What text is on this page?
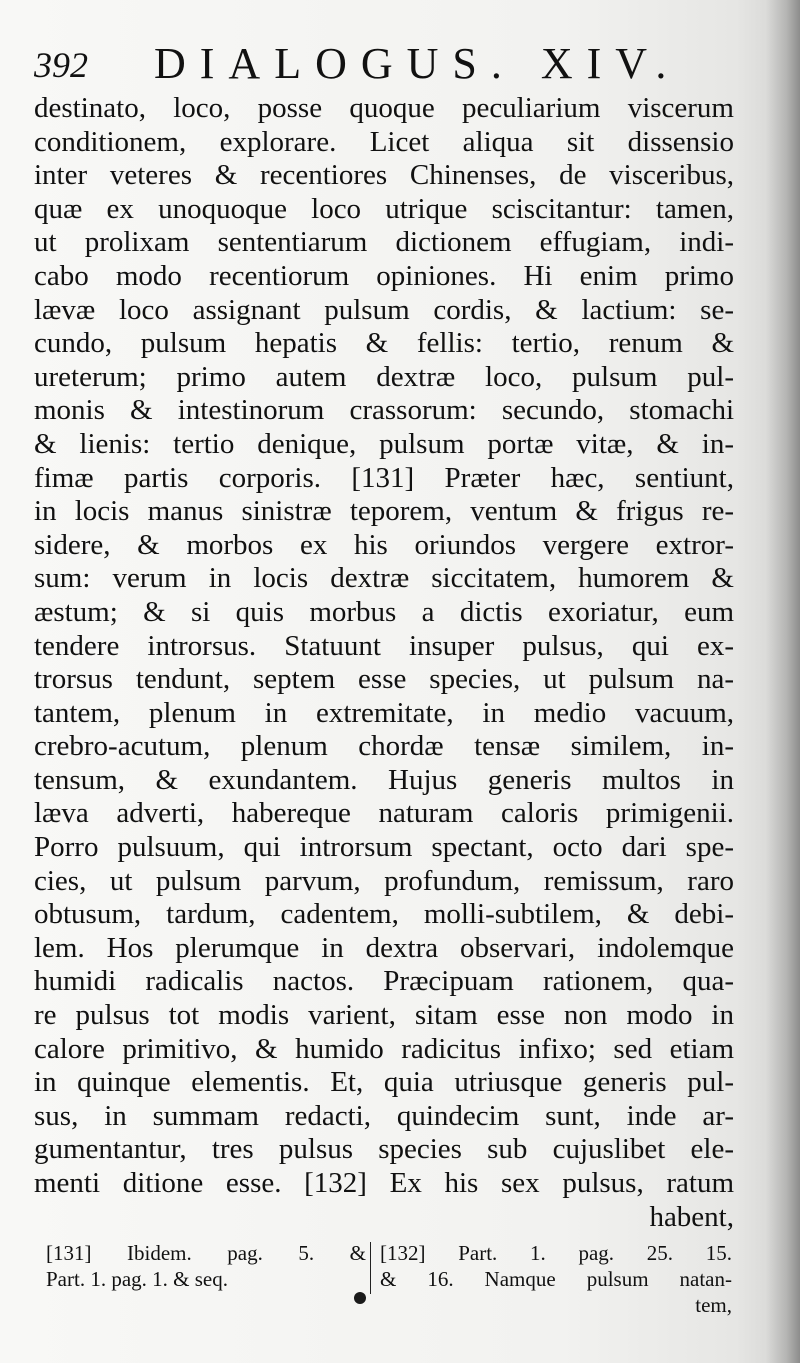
392 DIALOGUS. XIV.
destinato, loco, posse quoque peculiarium viscerum
conditionem, explorare. Licet aliqua sit dissensio
inter veteres & recentiores Chinenses, de visceribus,
quæ ex unoquoque loco utrique sciscitantur: tamen,
ut prolixam sententiarum dictionem effugiam, indi-
cabo modo recentiorum opiniones. Hi enim primo
lævæ loco assignant pulsum cordis, & lactium: se-
cundo, pulsum hepatis & fellis: tertio, renum &
ureterum; primo autem dextræ loco, pulsum pul-
monis & intestinorum crassorum: secundo, stomachi
& lienis: tertio denique, pulsum portæ vitæ, & in-
fimæ partis corporis. [131] Præter hæc, sentiunt,
in locis manus sinistræ teporem, ventum & frigus re-
sidere, & morbos ex his oriundos vergere extror-
sum: verum in locis dextræ siccitatem, humorem &
æstum; & si quis morbus a dictis exoriatur, eum
tendere introrsus. Statuunt insuper pulsus, qui ex-
trorsus tendunt, septem esse species, ut pulsum na-
tantem, plenum in extremitate, in medio vacuum,
crebro-acutum, plenum chordæ tensæ similem, in-
tensum, & exundantem. Hujus generis multos in
læva adverti, habereque naturam caloris primigenii.
Porro pulsuum, qui introrsum spectant, octo dari spe-
cies, ut pulsum parvum, profundum, remissum, raro
obtusum, tardum, cadentem, molli-subtilem, & debi-
lem. Hos plerumque in dextra observari, indolemque
humidi radicalis nactos. Præcipuam rationem, qua-
re pulsus tot modis varient, sitam esse non modo in
calore primitivo, & humido radicitus infixo; sed etiam
in quinque elementis. Et, quia utriusque generis pul-
sus, in summam redacti, quindecim sunt, inde ar-
gumentantur, tres pulsus species sub cujuslibet ele-
menti ditione esse. [132] Ex his sex pulsus, ratum
habent,
[131] Ibidem. pag. 5. &
Part. 1. pag. 1. & seq.
[132] Part. 1. pag. 25. 15.
& 16. Namque pulsum natan-
tem,
